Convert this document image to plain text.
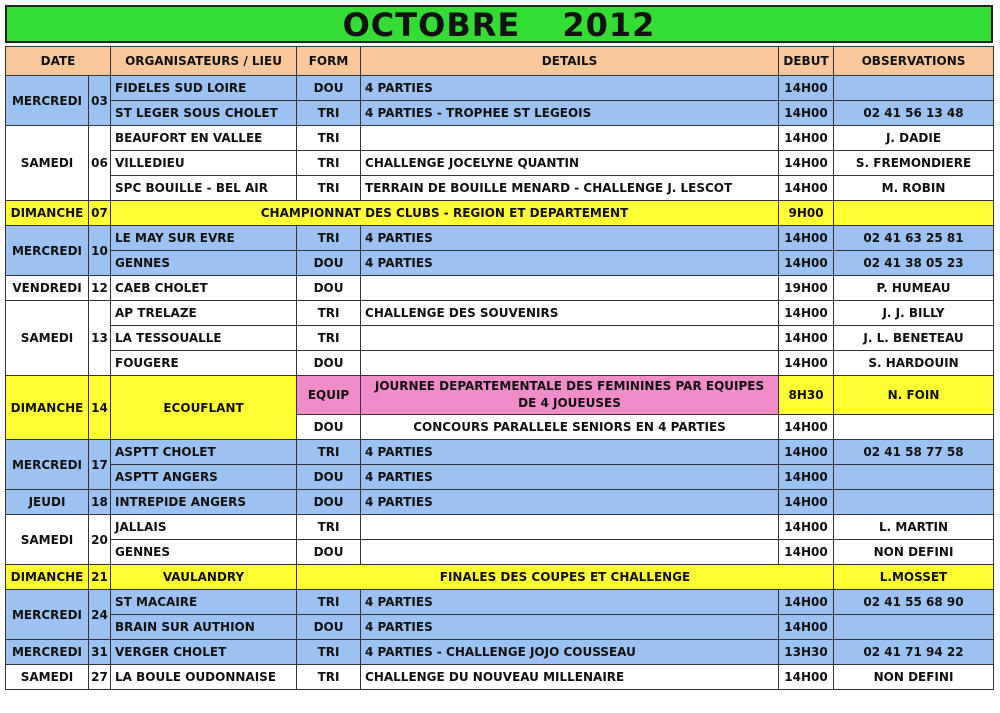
OCTOBRE 2012
DATE		ORGANISATEURS / LIEU	FORM	DETAILS	DEBUT	OBSERVATIONS
MERCREDI	03	FIDELES SUD LOIRE	DOU	4 PARTIES	14H00	
		ST LEGER SOUS CHOLET	TRI	4 PARTIES - TROPHEE ST LEGEOIS	14H00	02 41 56 13 48
SAMEDI	06	BEAUFORT EN VALLEE	TRI		14H00	J. DADIE
		VILLEDIEU	TRI	CHALLENGE JOCELYNE QUANTIN	14H00	S. FREMONDIERE
		SPC BOUILLE - BEL AIR	TRI	TERRAIN DE BOUILLE MENARD - CHALLENGE J. LESCOT	14H00	M. ROBIN
DIMANCHE	07	CHAMPIONNAT DES CLUBS - REGION ET DEPARTEMENT			9H00	
MERCREDI	10	LE MAY SUR EVRE	TRI	4 PARTIES	14H00	02 41 63 25 81
		GENNES	DOU	4 PARTIES	14H00	02 41 38 05 23
VENDREDI	12	CAEB CHOLET	DOU		19H00	P. HUMEAU
SAMEDI	13	AP TRELAZE	TRI	CHALLENGE DES SOUVENIRS	14H00	J. J. BILLY
		LA TESSOUALLE	TRI		14H00	J. L. BENETEAU
		FOUGERE	DOU		14H00	S. HARDOUIN
DIMANCHE	14	ECOUFLANT	EQUIP	JOURNEE DEPARTEMENTALE DES FEMININES PAR EQUIPES DE 4 JOUEUSES	8H30	N. FOIN
			DOU	CONCOURS PARALLELE SENIORS EN 4 PARTIES	14H00	
MERCREDI	17	ASPTT CHOLET	TRI	4 PARTIES	14H00	02 41 58 77 58
		ASPTT ANGERS	DOU	4 PARTIES	14H00	
JEUDI	18	INTREPIDE ANGERS	DOU	4 PARTIES	14H00	
SAMEDI	20	JALLAIS	TRI		14H00	L. MARTIN
		GENNES	DOU		14H00	NON DEFINI
DIMANCHE	21	VAULANDRY	FINALES DES COUPES ET CHALLENGE			L.MOSSET
MERCREDI	24	ST MACAIRE	TRI	4 PARTIES	14H00	02 41 55 68 90
		BRAIN SUR AUTHION	DOU	4 PARTIES	14H00	
MERCREDI	31	VERGER CHOLET	TRI	4 PARTIES - CHALLENGE JOJO COUSSEAU	13H30	02 41 71 94 22
SAMEDI	27	LA BOULE OUDONNAISE	TRI	CHALLENGE DU NOUVEAU MILLENAIRE	14H00	NON DEFINI
